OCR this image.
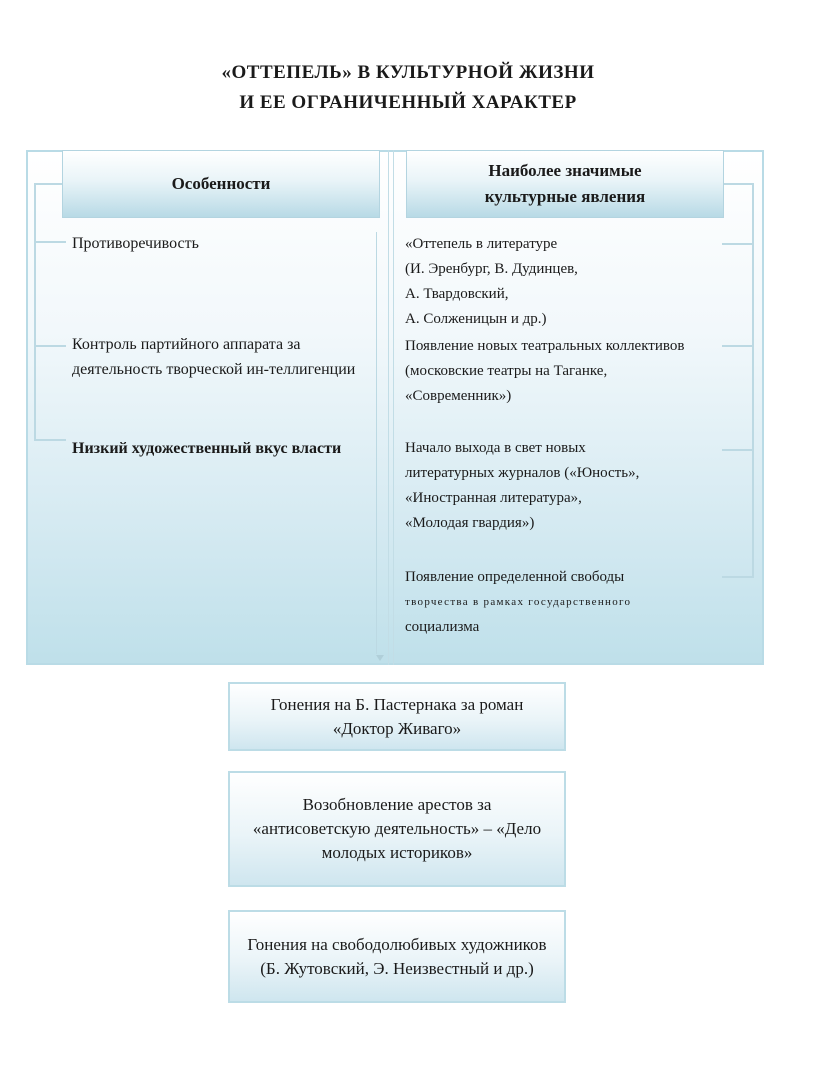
«ОТТЕПЕЛЬ» В КУЛЬТУРНОЙ ЖИЗНИ
И ЕЕ ОГРАНИЧЕННЫЙ ХАРАКТЕР
Особенности
Наиболее значимые
культурные явления
Противоречивость
Контроль партийного аппарата за деятельность творческой ин-теллигенции
Низкий художественный вкус власти
«Оттепель в литературе
(И. Эренбург, В. Дудинцев,
А. Твардовский,
А. Солженицын и др.)
Появление новых театральных коллективов (московские театры на Таганке, «Современник»)
Начало выхода в свет новых литературных журналов («Юность», «Иностранная литература», «Молодая гвардия»)
Появление определенной свободы
творчества в рамках государственного
социализма
Гонения на Б. Пастернака за роман «Доктор Живаго»
Возобновление арестов за «антисоветскую деятельность» – «Дело молодых историков»
Гонения на свободолюбивых художников (Б. Жутовский, Э. Неизвестный и др.)
